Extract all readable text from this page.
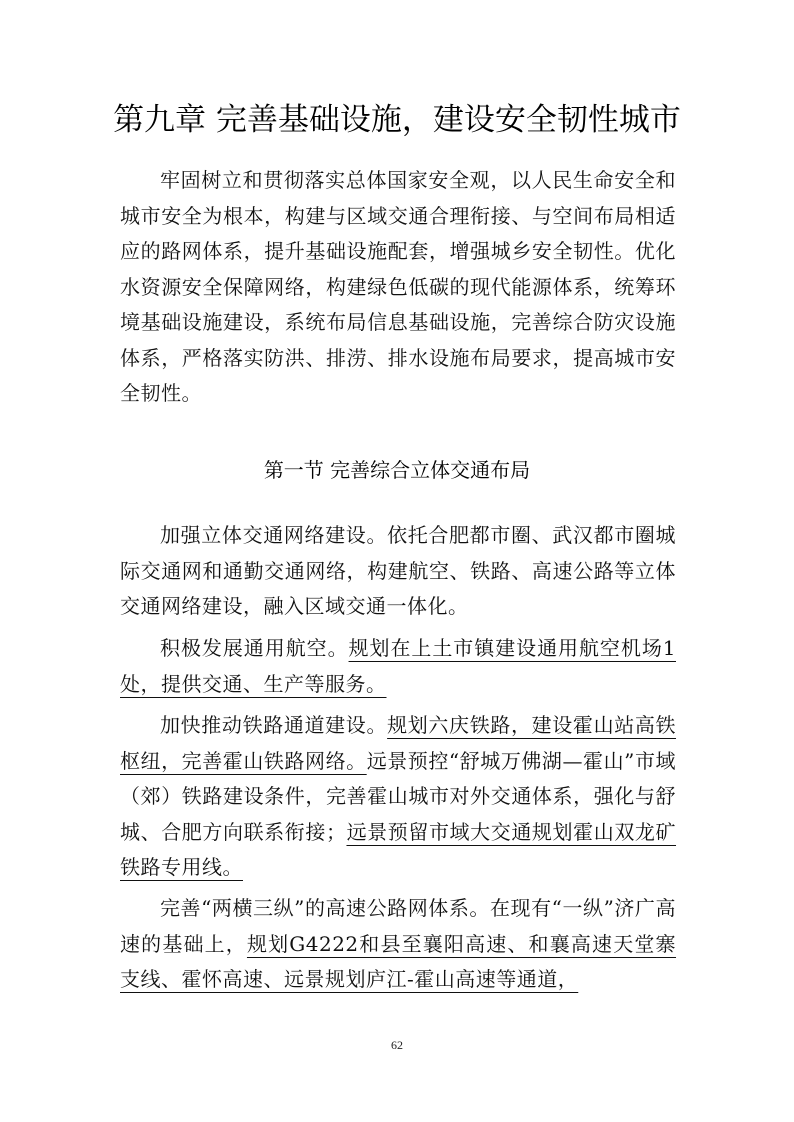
第九章 完善基础设施，建设安全韧性城市

牢固树立和贯彻落实总体国家安全观，以人民生命安全和城市安全为根本，构建与区域交通合理衔接、与空间布局相适应的路网体系，提升基础设施配套，增强城乡安全韧性。优化水资源安全保障网络，构建绿色低碳的现代能源体系，统筹环境基础设施建设，系统布局信息基础设施，完善综合防灾设施体系，严格落实防洪、排涝、排水设施布局要求，提高城市安全韧性。

第一节 完善综合立体交通布局

加强立体交通网络建设。依托合肥都市圈、武汉都市圈城际交通网和通勤交通网络，构建航空、铁路、高速公路等立体交通网络建设，融入区域交通一体化。

积极发展通用航空。规划在上土市镇建设通用航空机场1处，提供交通、生产等服务。

加快推动铁路通道建设。规划六庆铁路，建设霍山站高铁枢纽，完善霍山铁路网络。远景预控“舒城万佛湖—霍山”市域（郊）铁路建设条件，完善霍山城市对外交通体系，强化与舒城、合肥方向联系衔接；远景预留市域大交通规划霍山双龙矿铁路专用线。

完善“两横三纵”的高速公路网体系。在现有“一纵”济广高速的基础上，规划G4222和县至襄阳高速、和襄高速天堂寨支线、霍怀高速、远景规划庐江-霍山高速等通道，

62
